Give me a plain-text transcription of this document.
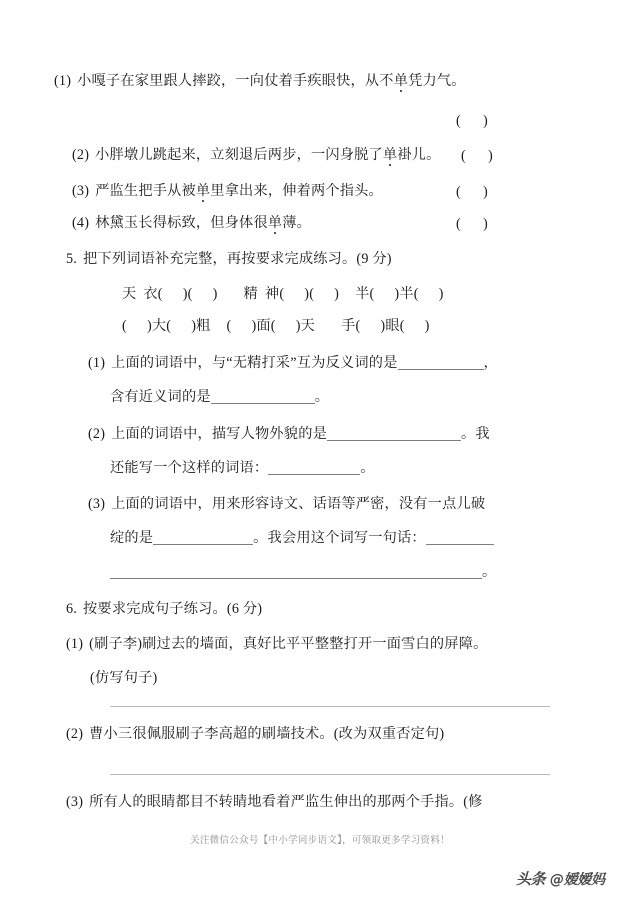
(1) 小嘎子在家里跟人摔跤，一向仗着手疾眼快，从不单凭力气。
( )
(2) 小胖墩儿跳起来，立刻退后两步，一闪身脱了单褂儿。 ( )
(3) 严监生把手从被单里拿出来，伸着两个指头。	( )
(4) 林黛玉长得标致，但身体很单薄。	( )
5. 把下列词语补充完整，再按要求完成练习。(9 分)
天 衣( )( ) 精 神( )( ) 半( )半( )
( )大( )粗 ( )面( )天 手( )眼( )
(1) 上面的词语中，与“无精打采”互为反义词的是	，
含有近义词的是	。
(2) 上面的词语中，描写人物外貌的是	。我
还能写一个这样的词语：	。
(3) 上面的词语中，用来形容诗文、话语等严密，没有一点儿破
绽的是	。我会用这个词写一句话：
。
6. 按要求完成句子练习。(6 分)
(1) (刷子李)刷过去的墙面，真好比平平整整打开一面雪白的屏障。
(仿写句子)
(2) 曹小三很佩服刷子李高超的刷墙技术。(改为双重否定句)
(3) 所有人的眼睛都目不转睛地看着严监生伸出的那两个手指。(修
关注微信公众号【中小学同步语文】，可领取更多学习资料！
头条 @嫒嫒妈
